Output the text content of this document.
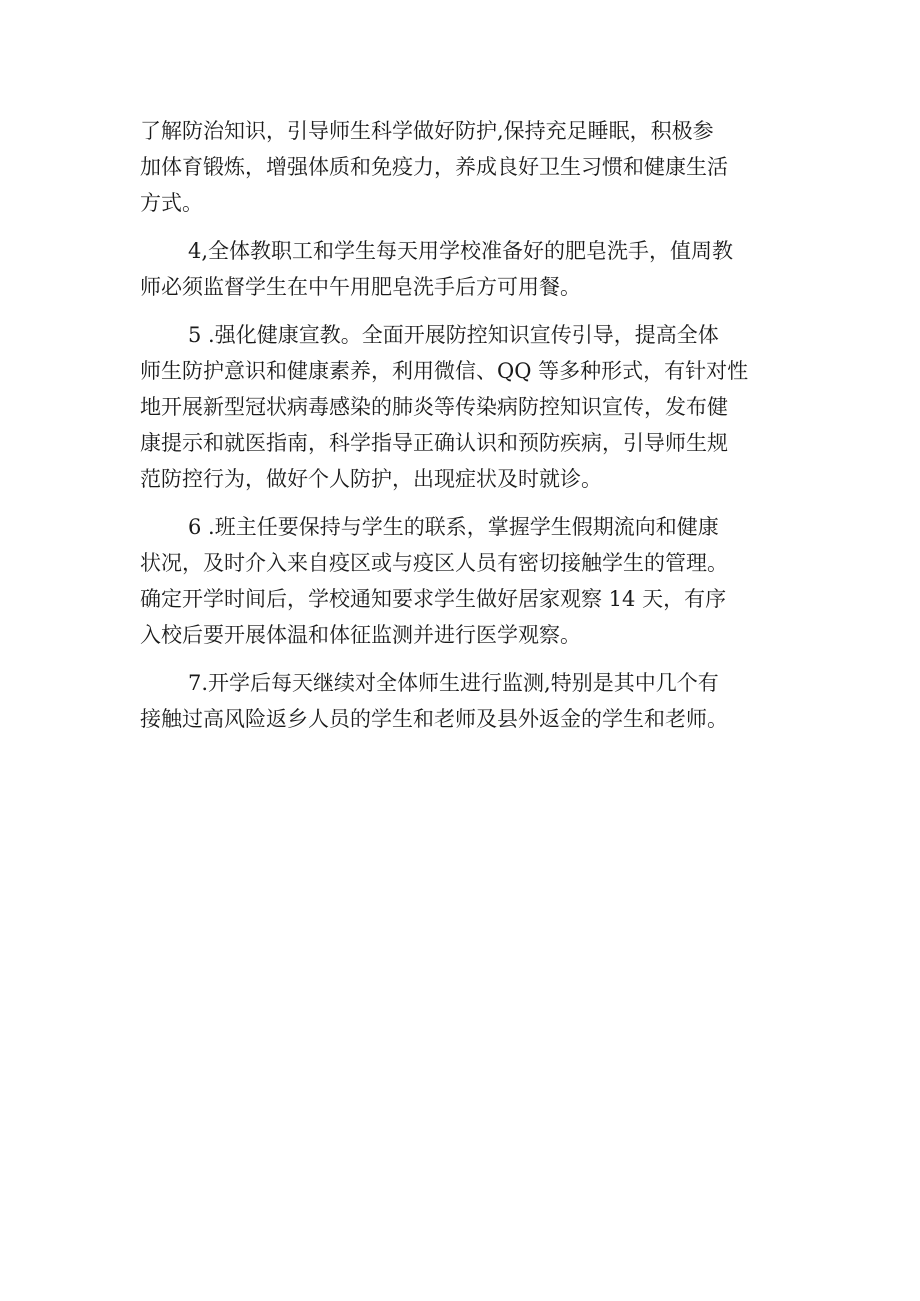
了解防治知识，引导师生科学做好防护,保持充足睡眠，积极参
加体育锻炼，增强体质和免疫力，养成良好卫生习惯和健康生活
方式。
4,全体教职工和学生每天用学校准备好的肥皂洗手，值周教
师必须监督学生在中午用肥皂洗手后方可用餐。
5 .强化健康宣教。全面开展防控知识宣传引导，提高全体
师生防护意识和健康素养，利用微信、QQ 等多种形式，有针对性
地开展新型冠状病毒感染的肺炎等传染病防控知识宣传，发布健
康提示和就医指南，科学指导正确认识和预防疾病，引导师生规
范防控行为，做好个人防护，出现症状及时就诊。
6 .班主任要保持与学生的联系，掌握学生假期流向和健康
状况，及时介入来自疫区或与疫区人员有密切接触学生的管理。
确定开学时间后，学校通知要求学生做好居家观察 14 天，有序
入校后要开展体温和体征监测并进行医学观察。
7.开学后每天继续对全体师生进行监测,特别是其中几个有
接触过高风险返乡人员的学生和老师及县外返金的学生和老师。
